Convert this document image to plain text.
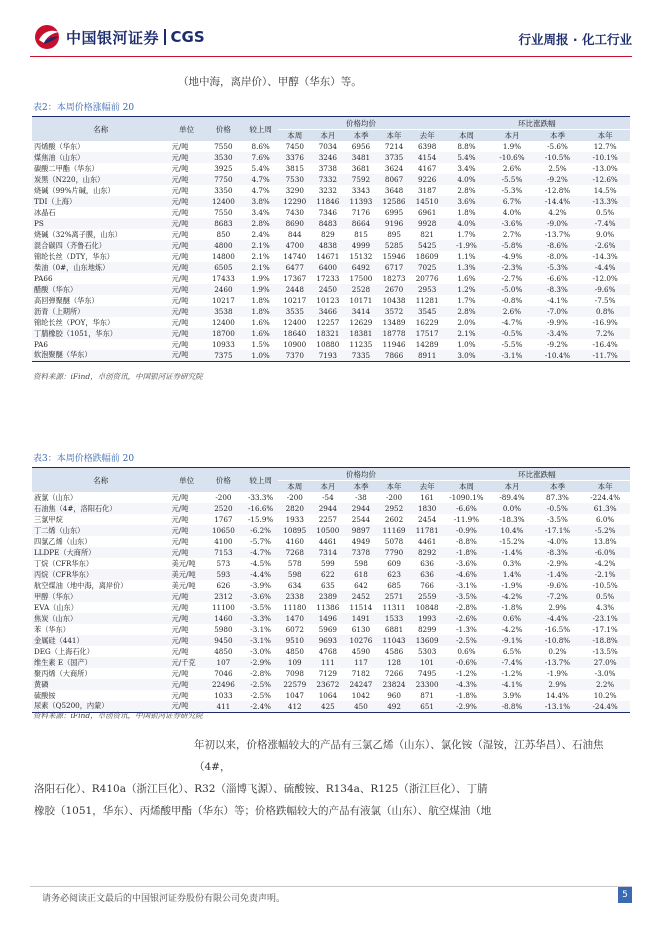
中国银河证券 CGS	行业周报 · 化工行业
（地中海，离岸价）、甲醇（华东）等。
表2：本周价格涨幅前 20
名称	单位	价格	较上周	价格均价					环比涨跌幅			
				本周	本月	本季	本年	去年	本周	本月	本季	本年
丙烯酸（华东）	元/吨	7550	8.6%	7450	7034	6956	7214	6398	8.8%	1.9%	-5.6%	12.7%
煤焦油（山东）	元/吨	3530	7.6%	3376	3246	3481	3735	4154	5.4%	-10.6%	-10.5%	-10.1%
碳酸二甲酯（华东）	元/吨	3925	5.4%	3815	3738	3681	3624	4167	3.4%	2.6%	2.5%	-13.0%
炭黑（N220，山东）	元/吨	7750	4.7%	7530	7332	7592	8067	9226	4.0%	-5.5%	-9.2%	-12.6%
烧碱（99%片碱，山东）	元/吨	3350	4.7%	3290	3232	3343	3648	3187	2.8%	-5.3%	-12.8%	14.5%
TDI（上海）	元/吨	12400	3.8%	12290	11846	11393	12586	14510	3.6%	6.7%	-14.4%	-13.3%
冰晶石	元/吨	7550	3.4%	7430	7346	7176	6995	6961	1.8%	4.0%	4.2%	0.5%
PS	元/吨	8683	2.8%	8690	8483	8664	9196	9928	4.0%	-3.6%	-9.0%	-7.4%
烧碱（32%离子膜，山东）	元/吨	850	2.4%	844	829	815	895	821	1.7%	2.7%	-13.7%	9.0%
混合碳四（齐鲁石化）	元/吨	4800	2.1%	4700	4838	4999	5285	5425	-1.9%	-5.8%	-8.6%	-2.6%
锦纶长丝（DTY，华东）	元/吨	14800	2.1%	14740	14671	15132	15946	18609	1.1%	-4.9%	-8.0%	-14.3%
柴油（0#，山东地炼）	元/吨	6505	2.1%	6477	6400	6492	6717	7025	1.3%	-2.3%	-5.3%	-4.4%
PA66	元/吨	17433	1.9%	17367	17233	17500	18273	20776	1.6%	-2.7%	-6.6%	-12.0%
醋酸（华东）	元/吨	2460	1.9%	2448	2450	2528	2670	2953	1.2%	-5.0%	-8.3%	-9.6%
高回弹聚醚（华东）	元/吨	10217	1.8%	10217	10123	10171	10438	11281	1.7%	-0.8%	-4.1%	-7.5%
沥青（上期所）	元/吨	3538	1.8%	3535	3466	3414	3572	3545	2.8%	2.6%	-7.0%	0.8%
锦纶长丝（POY，华东）	元/吨	12400	1.6%	12400	12257	12629	13489	16229	2.0%	-4.7%	-9.9%	-16.9%
丁腈橡胶（1051，华东）	元/吨	18700	1.6%	18640	18321	18381	18778	17517	2.1%	-0.5%	-3.4%	7.2%
PA6	元/吨	10933	1.5%	10900	10880	11235	11946	14289	1.0%	-5.5%	-9.2%	-16.4%
软泡聚醚（华东）	元/吨	7375	1.0%	7370	7193	7335	7866	8911	3.0%	-3.1%	-10.4%	-11.7%
资料来源：iFind，卓创资讯，中国银河证券研究院
表3：本周价格跌幅前 20
名称	单位	价格	较上周	价格均价					环比涨跌幅			
				本周	本月	本季	本年	去年	本周	本月	本季	本年
液氯（山东）	元/吨	-200	-33.3%	-200	-54	-38	-200	161	-1090.1%	-89.4%	87.3%	-224.4%
石油焦（4#，洛阳石化）	元/吨	2520	-16.6%	2820	2944	2944	2952	1830	-6.6%	0.0%	-0.5%	61.3%
三氯甲烷	元/吨	1767	-15.9%	1933	2257	2544	2602	2454	-11.9%	-18.3%	-3.5%	6.0%
丁二烯（山东）	元/吨	10650	-6.2%	10895	10500	9897	11169	11781	-0.9%	10.4%	-17.1%	-5.2%
四氯乙烯（山东）	元/吨	4100	-5.7%	4160	4461	4949	5078	4461	-8.8%	-15.2%	-4.0%	13.8%
LLDPE（大商所）	元/吨	7153	-4.7%	7268	7314	7378	7790	8292	-1.8%	-1.4%	-8.3%	-6.0%
丁烷（CFR华东）	美元/吨	573	-4.5%	578	599	598	609	636	-3.6%	0.3%	-2.9%	-4.2%
丙烷（CFR华东）	美元/吨	593	-4.4%	598	622	618	623	636	-4.6%	1.4%	-1.4%	-2.1%
航空煤油（地中海，离岸价）	美元/吨	626	-3.9%	634	635	642	685	766	-3.1%	-1.9%	-9.6%	-10.5%
甲醇（华东）	元/吨	2312	-3.6%	2338	2389	2452	2571	2559	-3.5%	-4.2%	-7.2%	0.5%
EVA（山东）	元/吨	11100	-3.5%	11180	11386	11514	11311	10848	-2.8%	-1.8%	2.9%	4.3%
焦炭（山东）	元/吨	1460	-3.3%	1470	1496	1491	1533	1993	-2.6%	0.6%	-4.4%	-23.1%
苯（华东）	元/吨	5980	-3.1%	6072	5969	6130	6881	8299	-1.3%	-4.2%	-16.5%	-17.1%
金属硅（441）	元/吨	9450	-3.1%	9510	9693	10276	11043	13609	-2.5%	-9.1%	-10.8%	-18.8%
DEG（上海石化）	元/吨	4850	-3.0%	4850	4768	4590	4586	5303	0.6%	6.5%	0.2%	-13.5%
维生素 E（国产）	元/千克	107	-2.9%	109	111	117	128	101	-0.6%	-7.4%	-13.7%	27.0%
聚丙烯（大商所）	元/吨	7046	-2.8%	7098	7129	7182	7266	7495	-1.2%	-1.2%	-1.9%	-3.0%
黄磷	元/吨	22496	-2.5%	22579	23672	24247	23824	23300	-4.3%	-4.1%	2.9%	2.2%
硫酸铵	元/吨	1033	-2.5%	1047	1064	1042	960	871	-1.8%	3.9%	14.4%	10.2%
尿素（Q5200，内蒙）	元/吨	411	-2.4%	412	425	450	492	651	-2.9%	-8.8%	-13.1%	-24.4%
资料来源：iFind，卓创资讯，中国银河证券研究院
年初以来，价格涨幅较大的产品有三氯乙烯（山东）、氯化铵（湿铵，江苏华昌）、石油焦（4#，
洛阳石化）、R410a（浙江巨化）、R32（淄博飞源）、硫酸铵、R134a、R125（浙江巨化）、丁腈
橡胶（1051，华东）、丙烯酸甲酯（华东）等；价格跌幅较大的产品有液氯（山东）、航空煤油（地
请务必阅读正文最后的中国银河证券股份有限公司免责声明。	5
